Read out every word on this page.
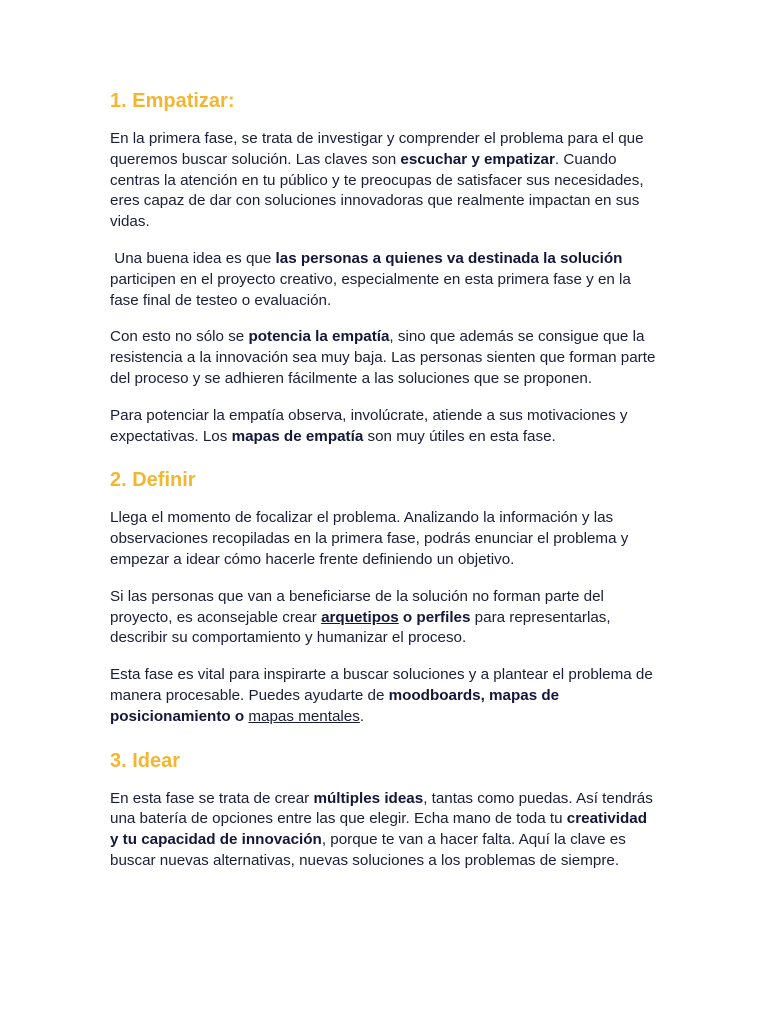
1. Empatizar:

En la primera fase, se trata de investigar y comprender el problema para el que queremos buscar solución. Las claves son escuchar y empatizar. Cuando centras la atención en tu público y te preocupas de satisfacer sus necesidades, eres capaz de dar con soluciones innovadoras que realmente impactan en sus vidas.

Una buena idea es que las personas a quienes va destinada la solución participen en el proyecto creativo, especialmente en esta primera fase y en la fase final de testeo o evaluación.

Con esto no sólo se potencia la empatía, sino que además se consigue que la resistencia a la innovación sea muy baja. Las personas sienten que forman parte del proceso y se adhieren fácilmente a las soluciones que se proponen.

Para potenciar la empatía observa, involúcrate, atiende a sus motivaciones y expectativas. Los mapas de empatía son muy útiles en esta fase.

2. Definir

Llega el momento de focalizar el problema. Analizando la información y las observaciones recopiladas en la primera fase, podrás enunciar el problema y empezar a idear cómo hacerle frente definiendo un objetivo.

Si las personas que van a beneficiarse de la solución no forman parte del proyecto, es aconsejable crear arquetipos o perfiles para representarlas, describir su comportamiento y humanizar el proceso.

Esta fase es vital para inspirarte a buscar soluciones y a plantear el problema de manera procesable. Puedes ayudarte de moodboards, mapas de posicionamiento o mapas mentales.

3. Idear

En esta fase se trata de crear múltiples ideas, tantas como puedas. Así tendrás una batería de opciones entre las que elegir. Echa mano de toda tu creatividad y tu capacidad de innovación, porque te van a hacer falta. Aquí la clave es buscar nuevas alternativas, nuevas soluciones a los problemas de siempre.
